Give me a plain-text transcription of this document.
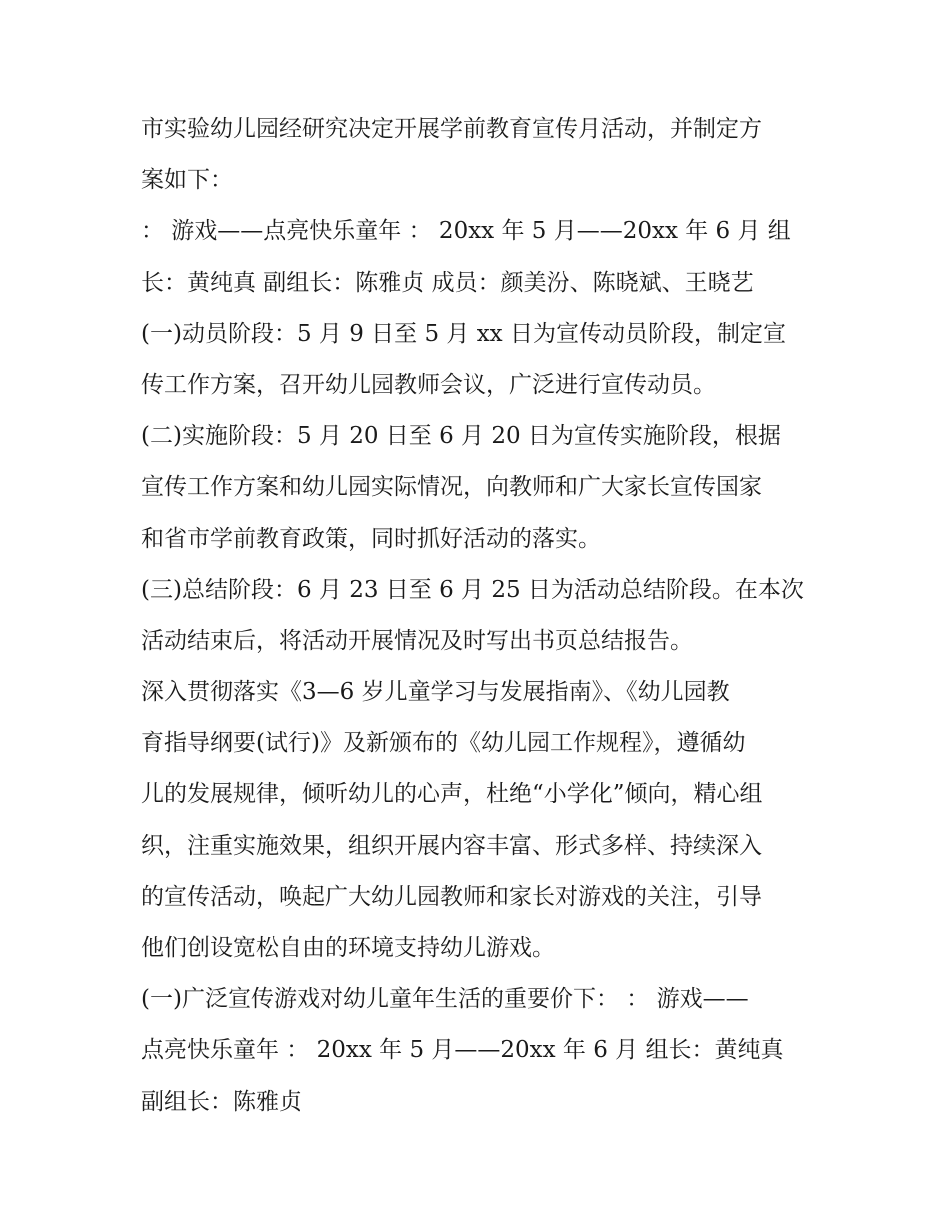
市实验幼儿园经研究决定开展学前教育宣传月活动，并制定方
案如下：
： 游戏——点亮快乐童年 ： 20xx 年 5 月——20xx 年 6 月 组
长：黄纯真 副组长：陈雅贞 成员：颜美汾、陈晓斌、王晓艺
(一)动员阶段：5 月 9 日至 5 月 xx 日为宣传动员阶段，制定宣
传工作方案，召开幼儿园教师会议，广泛进行宣传动员。
(二)实施阶段：5 月 20 日至 6 月 20 日为宣传实施阶段，根据
宣传工作方案和幼儿园实际情况，向教师和广大家长宣传国家
和省市学前教育政策，同时抓好活动的落实。
(三)总结阶段：6 月 23 日至 6 月 25 日为活动总结阶段。在本次
活动结束后，将活动开展情况及时写出书页总结报告。
深入贯彻落实《3—6 岁儿童学习与发展指南》、《幼儿园教
育指导纲要(试行)》及新颁布的《幼儿园工作规程》，遵循幼
儿的发展规律，倾听幼儿的心声，杜绝“小学化”倾向，精心组
织，注重实施效果，组织开展内容丰富、形式多样、持续深入
的宣传活动，唤起广大幼儿园教师和家长对游戏的关注，引导
他们创设宽松自由的环境支持幼儿游戏。
(一)广泛宣传游戏对幼儿童年生活的重要价下： ： 游戏——
点亮快乐童年 ： 20xx 年 5 月——20xx 年 6 月 组长：黄纯真
副组长：陈雅贞
